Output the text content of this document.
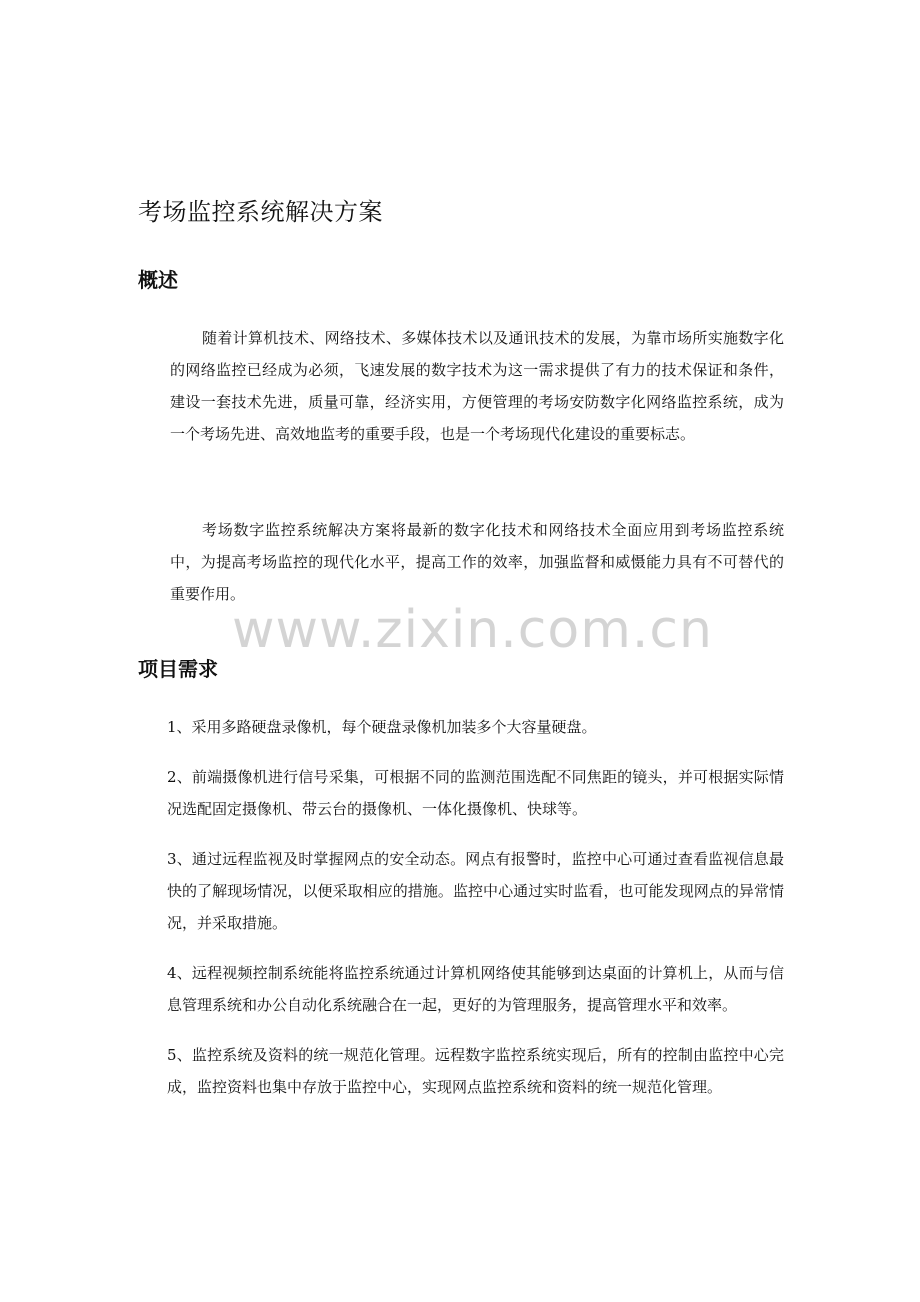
考场监控系统解决方案
概述

随着计算机技术、网络技术、多媒体技术以及通讯技术的发展，为靠市场所实施数字化的网络监控已经成为必须，飞速发展的数字技术为这一需求提供了有力的技术保证和条件，建设一套技术先进，质量可靠，经济实用，方便管理的考场安防数字化网络监控系统，成为一个考场先进、高效地监考的重要手段，也是一个考场现代化建设的重要标志。

考场数字监控系统解决方案将最新的数字化技术和网络技术全面应用到考场监控系统中，为提高考场监控的现代化水平，提高工作的效率，加强监督和威慑能力具有不可替代的重要作用。

www.zixin.com.cn
项目需求
1、采用多路硬盘录像机，每个硬盘录像机加装多个大容量硬盘。
2、前端摄像机进行信号采集，可根据不同的监测范围选配不同焦距的镜头，并可根据实际情况选配固定摄像机、带云台的摄像机、一体化摄像机、快球等。
3、通过远程监视及时掌握网点的安全动态。网点有报警时，监控中心可通过查看监视信息最快的了解现场情况，以便采取相应的措施。监控中心通过实时监看，也可能发现网点的异常情况，并采取措施。
4、远程视频控制系统能将监控系统通过计算机网络使其能够到达桌面的计算机上，从而与信息管理系统和办公自动化系统融合在一起，更好的为管理服务，提高管理水平和效率。
5、监控系统及资料的统一规范化管理。远程数字监控系统实现后，所有的控制由监控中心完成，监控资料也集中存放于监控中心，实现网点监控系统和资料的统一规范化管理。
